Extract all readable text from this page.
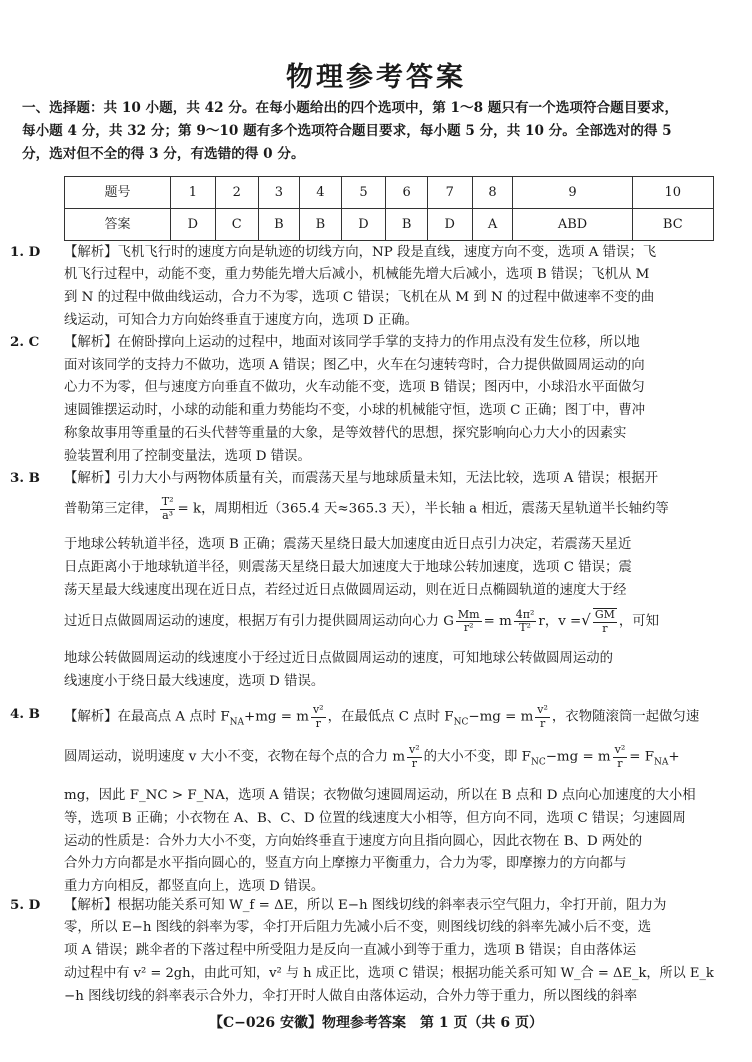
物理参考答案
一、选择题：共 10 小题，共 42 分。在每小题给出的四个选项中，第 1～8 题只有一个选项符合题目要求，
每小题 4 分，共 32 分；第 9～10 题有多个选项符合题目要求，每小题 5 分，共 10 分。全部选对的得 5
分，选对但不全的得 3 分，有选错的得 0 分。
题号	1	2	3	4	5	6	7	8	9	10
答案	D	C	B	B	D	B	D	A	ABD	BC
1. D 【解析】飞机飞行时的速度方向是轨迹的切线方向，NP 段是直线，速度方向不变，选项 A 错误；飞
机飞行过程中，动能不变，重力势能先增大后减小，机械能先增大后减小，选项 B 错误；飞机从 M
到 N 的过程中做曲线运动，合力不为零，选项 C 错误；飞机在从 M 到 N 的过程中做速率不变的曲
线运动，可知合力方向始终垂直于速度方向，选项 D 正确。
2. C 【解析】在俯卧撑向上运动的过程中，地面对该同学手掌的支持力的作用点没有发生位移，所以地
面对该同学的支持力不做功，选项 A 错误；图乙中，火车在匀速转弯时，合力提供做圆周运动的向
心力不为零，但与速度方向垂直不做功，火车动能不变，选项 B 错误；图丙中，小球沿水平面做匀
速圆锥摆运动时，小球的动能和重力势能均不变，小球的机械能守恒，选项 C 正确；图丁中，曹冲
称象故事用等重量的石头代替等重量的大象，是等效替代的思想，探究影响向心力大小的因素实
验装置利用了控制变量法，选项 D 错误。
3. B 【解析】引力大小与两物体质量有关，而震荡天星与地球质量未知，无法比较，选项 A 错误；根据开
普勒第三定律， $\frac{\text{T²}}{\text{a³}} = k$，周期相近（365.4 天≈365.3 天），半长轴 a 相近，震荡天星轨道半长轴约等
于地球公转轨道半径，选项 B 正确；震荡天星绕日最大加速度由近日点引力决定，若震荡天星近
日点距离小于地球轨道半径，则震荡天星绕日最大加速度大于地球公转加速度，选项 C 错误；震
荡天星最大线速度出现在近日点，若经过近日点做圆周运动，则在近日点椭圆轨道的速度大于经
过近日点做圆周运动的速度，根据万有引力提供圆周运动向心力 G $\frac{Mm}{\text{r²}} = m \frac{\text{4π²}}{\text{T²}}$ r，v =√ $\frac{GM}{r}$ ，可知
地球公转做圆周运动的线速度小于经过近日点做圆周运动的速度，可知地球公转做圆周运动的
线速度小于绕日最大线速度，选项 D 错误。
4. B 【解析】在最高点 A 点时 $F_{NA}+mg = m \frac{\text{v²}}{r}$ ，在最低点 C 点时 $F_{NC}-mg = m \frac{\text{v²}}{r}$ ，衣物随滚筒一起做匀速
圆周运动，说明速度 v 大小不变，衣物在每个点的合力 m $\frac{\text{v²}}{r}$ 的大小不变，即 $F_{NC}-mg = m \frac{\text{v²}}{r} = F_{NA}+$
mg，因此 F_NC > F_NA，选项 A 错误；衣物做匀速圆周运动，所以在 B 点和 D 点向心加速度的大小相
等，选项 B 正确；小衣物在 A、B、C、D 位置的线速度大小相等，但方向不同，选项 C 错误；匀速圆周
运动的性质是：合外力大小不变，方向始终垂直于速度方向且指向圆心，因此衣物在 B、D 两处的
合外力方向都是水平指向圆心的，竖直方向上摩擦力平衡重力，合力为零，即摩擦力的方向都与
重力方向相反，都竖直向上，选项 D 错误。
5. D 【解析】根据功能关系可知 W_f = ΔE，所以 E−h 图线切线的斜率表示空气阻力，伞打开前，阻力为
零，所以 E−h 图线的斜率为零，伞打开后阻力先减小后不变，则图线切线的斜率先减小后不变，选
项 A 错误；跳伞者的下落过程中所受阻力是反向一直减小到等于重力，选项 B 错误；自由落体运
动过程中有 v² = 2gh，由此可知，v² 与 h 成正比，选项 C 错误；根据功能关系可知 W_合 = ΔE_k，所以 E_k
−h 图线切线的斜率表示合外力，伞打开时人做自由落体运动，合外力等于重力，所以图线的斜率
【C−026 安徽】物理参考答案　第 1 页（共 6 页）
